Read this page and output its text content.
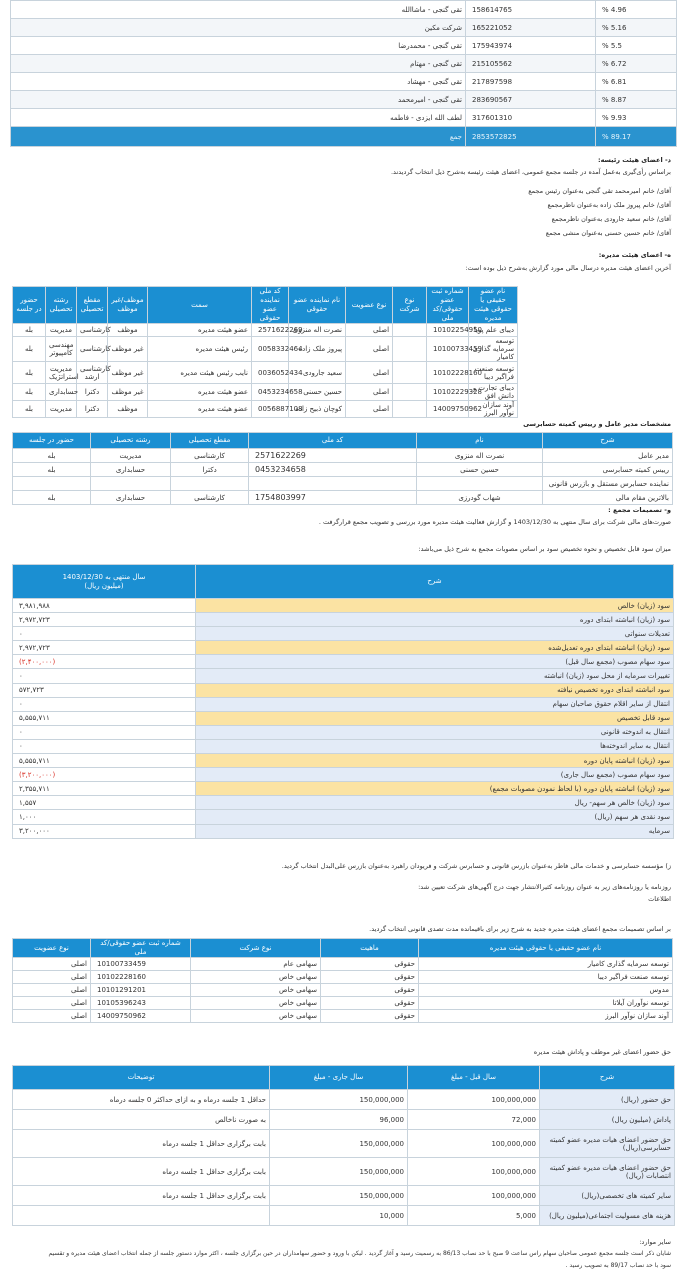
تقی گنجی - ماشاالله	158614765	% 4.96
شرکت مکین	165221052	% 5.16
تقی گنجی - محمدرضا	175943974	% 5.5
تقی گنجی - مهتام	215105562	% 6.72
تقی گنجی - مهشاد	217897598	% 6.81
تقی گنجی - امیرمحمد	283690567	% 8.87
لطف الله ایزدی - فاطمه	317601310	% 9.93
جمع	2853572825	% 89.17
د- اعضای هیئت رئیسه:
براساس رأی‌گیری به‌عمل آمده در جلسه مجمع عمومی، اعضای هیئت رئیسه به‌شرح ذیل انتخاب گردیدند.
آقای/ خانم امیرمحمد تقی گنجی به‌عنوان رئیس مجمع
آقای/ خانم پیروز ملک زاده به‌عنوان ناظرمجمع
آقای/ خانم سعید جارودی به‌عنوان ناظرمجمع
آقای/ خانم حسین حسنی به‌عنوان منشی مجمع
ه- اعضای هیئت مدیره:
آخرین اعضای هیئت مدیره درسال مالی مورد گزارش به‌شرح ذیل بوده است:
حضور در جلسه	رشته تحصیلی	مقطع تحصیلی	موظف/غیر موظف	سمت	کد ملی نماینده عضو حقوقی	نام نماینده عضو حقوقی	نوع عضویت	نوع شرکت	شماره ثبت عضو حقوقی/کد ملی	نام عضو حقیقی یا حقوقی هیئت مدیره
بله	مدیریت	کارشناسی	موظف	عضو هیئت مدیره	2571622269	نصرت اله منزوی	اصلی		10102254950	دیبای علم پویا
بله	مهندسی کامپیوتر	کارشناسی	غیر موظف	رئیس هیئت مدیره	0058332464	پیروز ملک زاده	اصلی		10100733459	توسعه سرمایه گذاری کامیار
بله	مدیریت استراتژیک	کارشناسی ارشد	غیر موظف	نایب رئیس هیئت مدیره	0036052434	سعید جارودی	اصلی		10102228160	توسعه صنعت فراگیر دیبا
بله	حسابداری	دکترا	غیر موظف	عضو هیئت مدیره	0453234658	حسین حسنی	اصلی		10102229328	دیبای تجارت و دانش افق
بله	مدیریت	دکترا	موظف	عضو هیئت مدیره	0056887108	کوچان ذبیح زاده	اصلی		14009750962	آوند سازان نوآور البرز
مشخصات مدیر عامل و رییس کمیته حسابرسی
حضور در جلسه	رشته تحصیلی	مقطع تحصیلی	کد ملی	نام	شرح
بله	مدیریت	کارشناسی	2571622269	نصرت اله منزوی	مدیر عامل
بله	حسابداری	دکترا	0453234658	حسین حسنی	رییس کمیته حسابرسی
					نماینده حسابرس مستقل و بازرس قانونی
بله	حسابداری	کارشناسی	1754803997	شهاب گودرزی	بالاترین مقام مالی
و- تصمیمات مجمع :
صورت‌های مالی شرکت برای سال منتهی به 1403/12/30 و گزارش فعالیت هیئت مدیره مورد بررسی و تصویب مجمع قرارگرفت .
میزان سود قابل تخصیص و نحوه تخصیص سود بر اساس مصوبات مجمع به شرح ذیل می‌باشد:
سال منتهی به 1403/12/30
(میلیون ریال)	شرح
۳,۹۸۱,۹۸۸	سود (زیان) خالص
۲,۹۷۲,۷۲۳	سود (زیان) انباشته ابتدای دوره
۰	تعدیلات سنواتی
۲,۹۷۲,۷۲۳	سود (زیان) انباشته ابتدای دوره تعدیل‌شده
(۲,۴۰۰,۰۰۰)	سود سهام مصوب (مجمع سال قبل)
۰	تغییرات سرمایه از محل سود (زیان) انباشته
۵۷۲,۷۲۳	سود انباشته ابتدای دوره تخصیص نیافته
۰	انتقال از سایر اقلام حقوق صاحبان سهام
۵,۵۵۵,۷۱۱	سود قابل تخصیص
۰	انتقال به اندوخته قانونی
۰	انتقال به سایر اندوخته‌ها
۵,۵۵۵,۷۱۱	سود (زیان) انباشته پایان دوره
(۳,۲۰۰,۰۰۰)	سود سهام مصوب (مجمع سال جاری)
۲,۳۵۵,۷۱۱	سود (زیان) انباشته پایان دوره (با لحاظ نمودن مصوبات مجمع)
۱,۵۵۷	سود (زیان) خالص هر سهم- ریال
۱,۰۰۰	سود نقدی هر سهم (ریال)
۳,۲۰۰,۰۰۰	سرمایه
ز) مؤسسه حسابرسی و خدمات مالی فاطر به‌عنوان بازرس قانونی و حسابرس شرکت و فریودان راهبرد به‌عنوان بازرس علی‌البدل انتخاب گردید.
روزنامه یا روزنامه‌های زیر به عنوان روزنامه کثیرالانتشار جهت درج آگهی‌های شرکت تعیین شد:
اطلاعات
بر اساس تصمیمات مجمع اعضای هیئت مدیره جدید به شرح زیر برای باقیمانده مدت تصدی قانونی انتخاب گردید.
نوع عضویت	شماره ثبت عضو حقوقی/کد ملی	نوع شرکت	ماهیت	نام عضو حقیقی یا حقوقی هیئت مدیره
اصلی	10100733459	سهامی عام	حقوقی	توسعه سرمایه گذاری کامیار
اصلی	10102228160	سهامی خاص	حقوقی	توسعه صنعت فراگیر دیبا
اصلی	10101291201	سهامی خاص	حقوقی	مدوس
اصلی	10105396243	سهامی خاص	حقوقی	توسعه نوآوران آیلاتا
اصلی	14009750962	سهامی خاص	حقوقی	آوند سازان نوآور البرز
حق حضور اعضای غیر موظف و پاداش هیئت مدیره
توضیحات	سال جاری - مبلغ	سال قبل - مبلغ	شرح
حداقل 1 جلسه درماه و به ازای حداکثر 0 جلسه درماه	150,000,000	100,000,000	حق حضور (ریال)
به صورت ناخالص	96,000	72,000	پاداش (میلیون ریال)
بابت برگزاری حداقل 1 جلسه درماه	150,000,000	100,000,000	حق حضور اعضای هیات مدیره عضو کمیته حسابرسی(ریال)
بابت برگزاری حداقل 1 جلسه درماه	150,000,000	100,000,000	حق حضور اعضای هیات مدیره عضو کمیته انتصابات (ریال)
بابت برگزاری حداقل 1 جلسه درماه	150,000,000	100,000,000	سایر کمیته های تخصصی(ریال)
	10,000	5,000	هزینه های مسولیت اجتماعی(میلیون ریال)
سایر موارد:
شایان ذکر است جلسه مجمع عمومی صاحبان سهام راس ساعت 9 صبح با حد نصاب 86/13 به رسمیت رسید و آغاز گردید . لیکن با ورود و حضور سهامداران در حین برگزاری جلسه ، اکثر موارد دستور جلسه از جمله انتخاب اعضای هیئت مدیره و تقسیم
سود با حد نصاب 89/17 به تصویب رسید .
